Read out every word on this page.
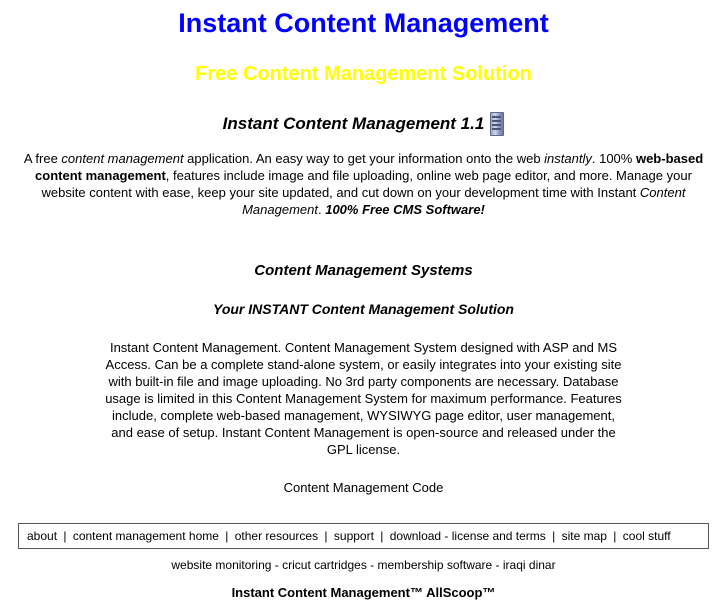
Instant Content Management
Free Content Management Solution
Instant Content Management 1.1

A free content management application. An easy way to get your information onto the web instantly. 100% web-based content management, features include image and file uploading, online web page editor, and more. Manage your website content with ease, keep your site updated, and cut down on your development time with Instant Content Management. 100% Free CMS Software!

Content Management Systems
Your INSTANT Content Management Solution

Instant Content Management. Content Management System designed with ASP and MS Access. Can be a complete stand-alone system, or easily integrates into your existing site with built-in file and image uploading. No 3rd party components are necessary. Database usage is limited in this Content Management System for maximum performance. Features include, complete web-based management, WYSIWYG page editor, user management, and ease of setup. Instant Content Management is open-source and released under the GPL license.

Content Management Code
about | content management home | other resources | support | download - license and terms | site map | cool stuff
website monitoring - cricut cartridges - membership software - iraqi dinar
Instant Content Management™ AllScoop™
